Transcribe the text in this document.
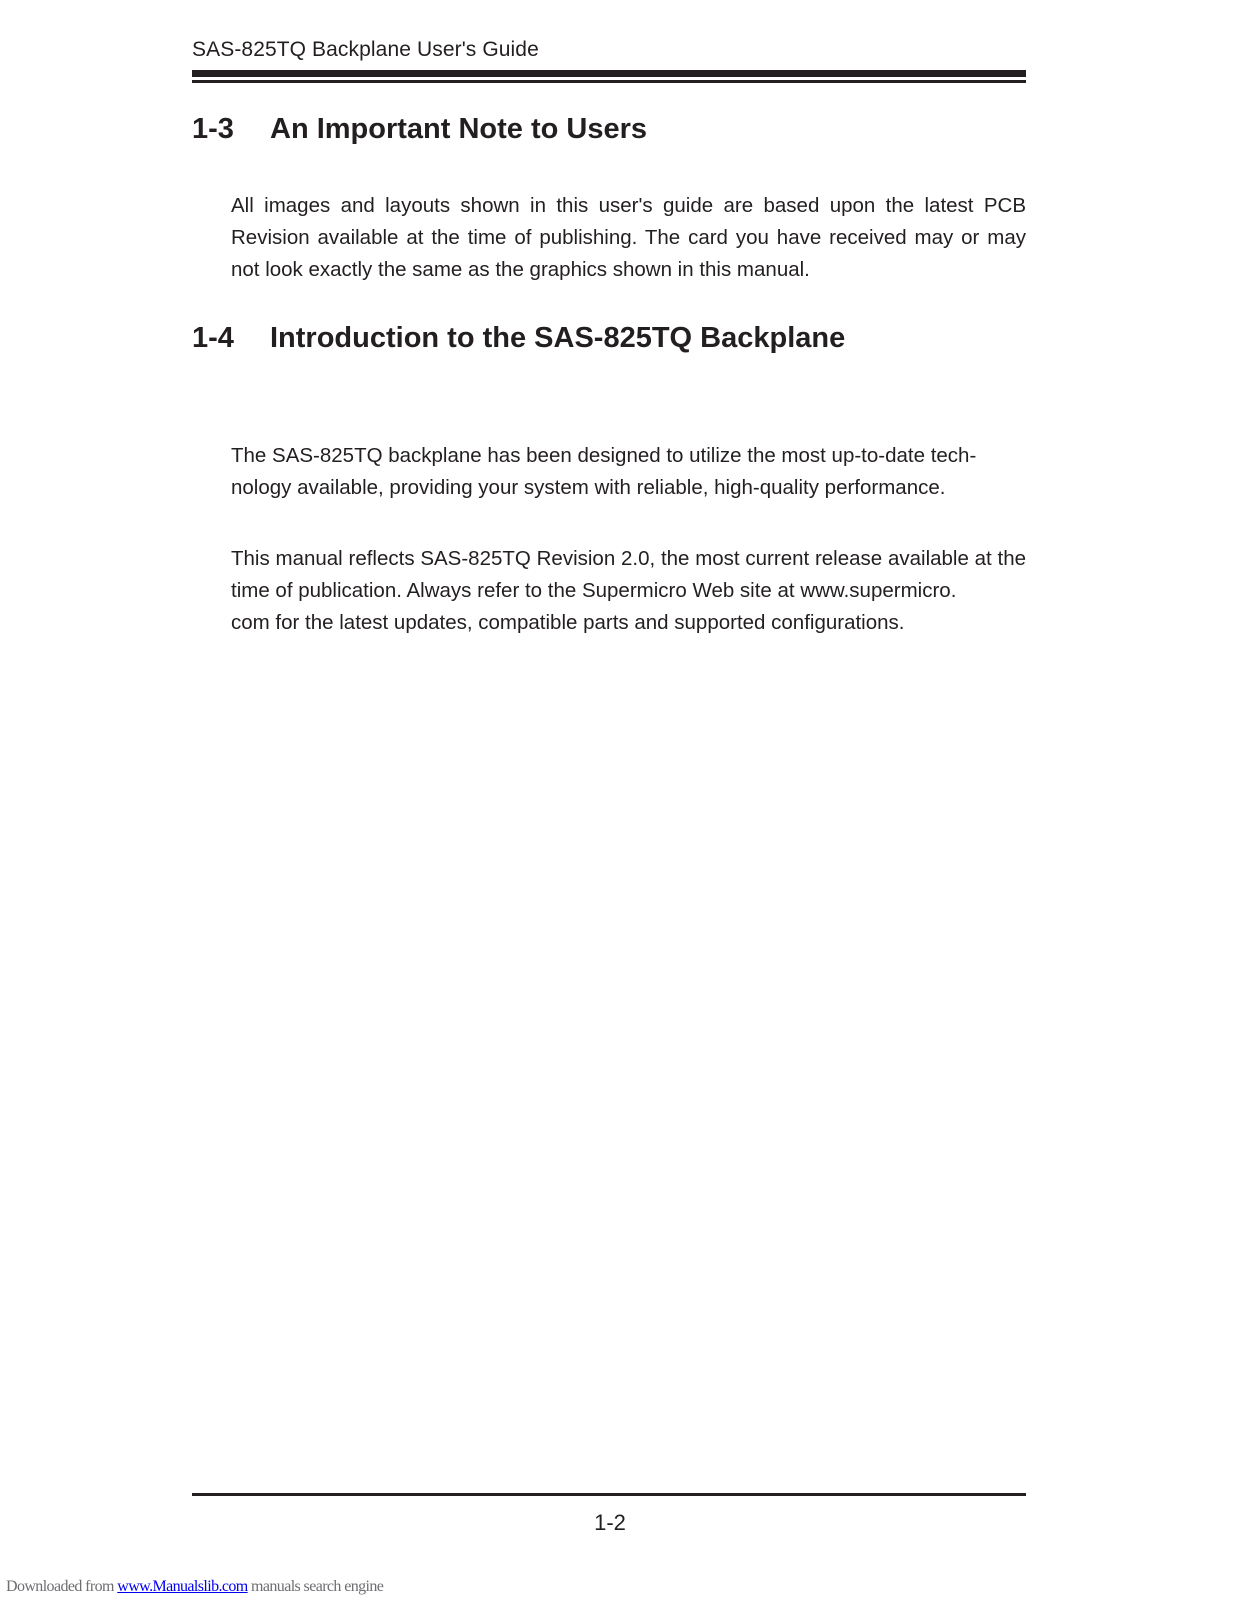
SAS-825TQ Backplane User's Guide
1-3 An Important Note to Users
All images and layouts shown in this user's guide are based upon the latest PCB Revision available at the time of publishing. The card you have received may or may not look exactly the same as the graphics shown in this manual.
1-4 Introduction to the SAS-825TQ Backplane
The SAS-825TQ backplane has been designed to utilize the most up-to-date tech-
nology available, providing your system with reliable, high-quality performance.
This manual reflects SAS-825TQ Revision 2.0, the most current release available at the time of publication. Always refer to the Supermicro Web site at www.supermicro.
com for the latest updates, compatible parts and supported configurations.
1-2
Downloaded from www.Manualslib.com manuals search engine
